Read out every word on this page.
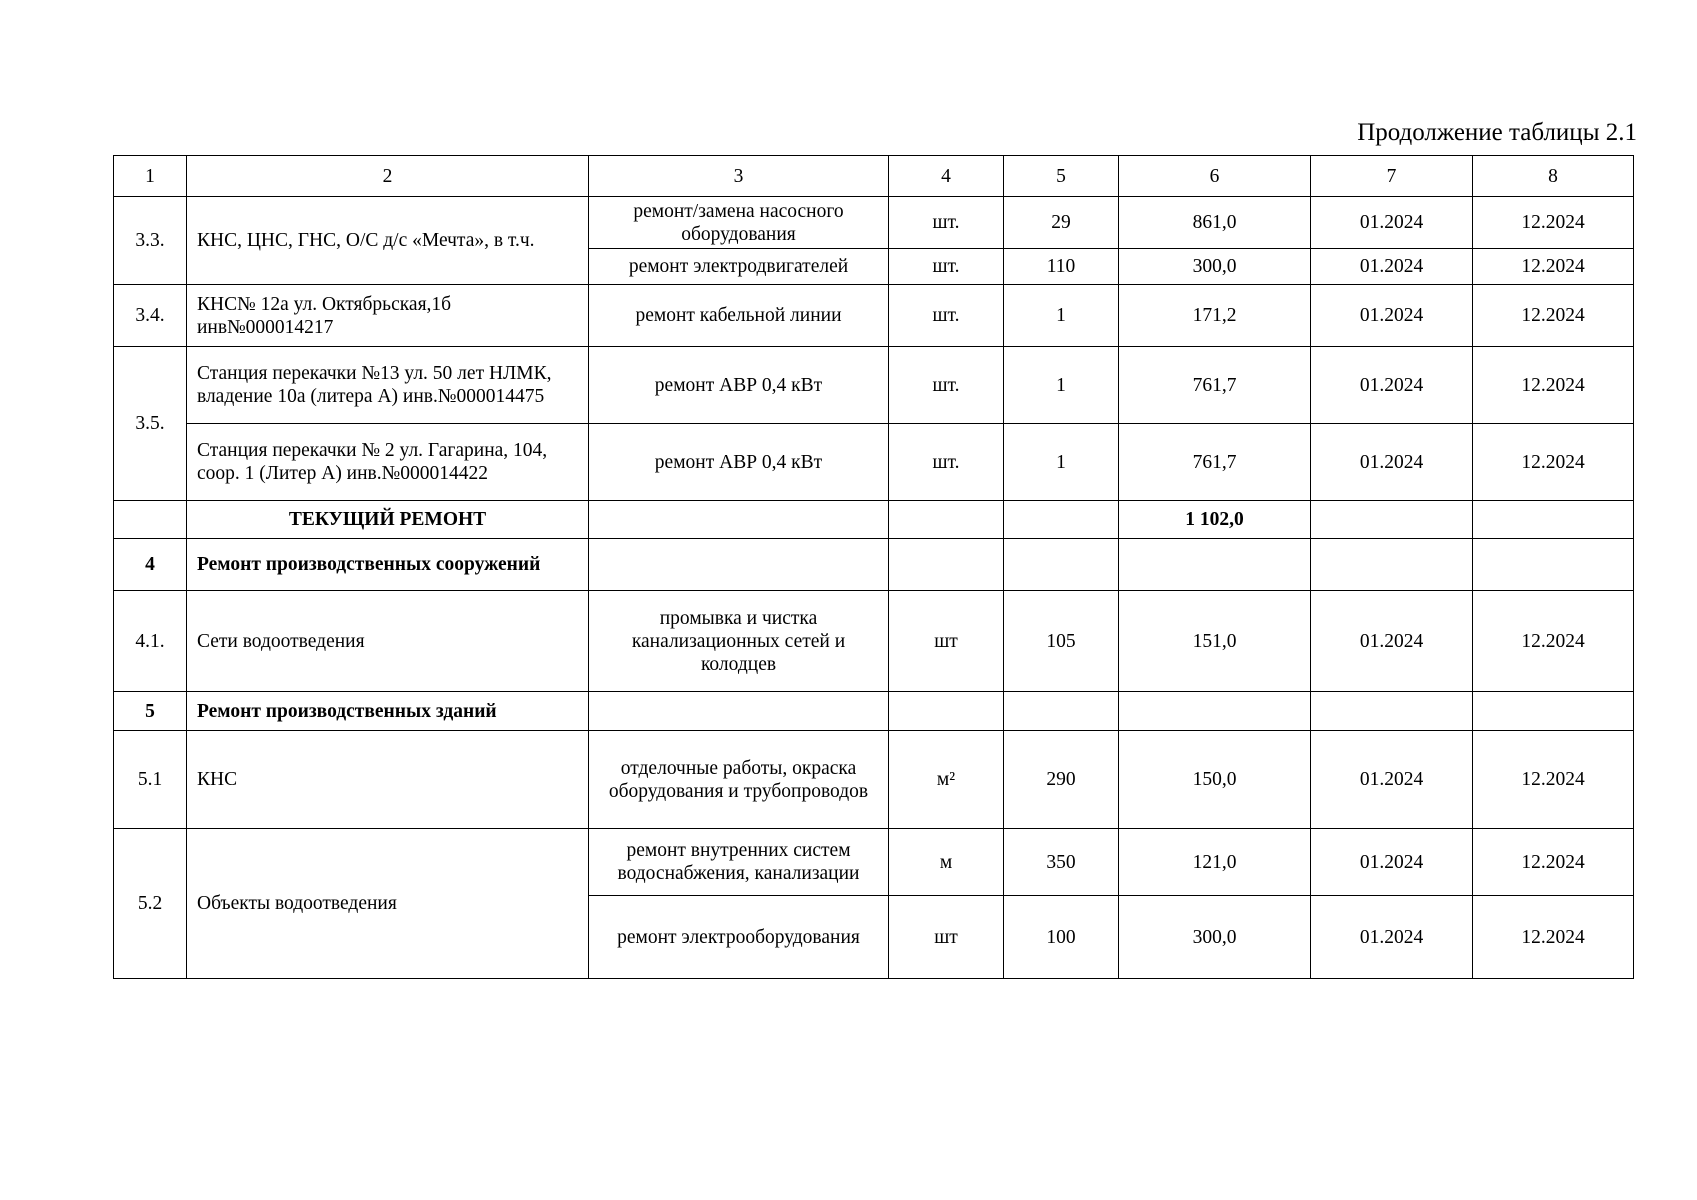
Продолжение таблицы 2.1
1	2	3	4	5	6	7	8
3.3.	КНС, ЦНС, ГНС, О/С д/с «Мечта», в т.ч.	ремонт/замена насосного оборудования	шт.	29	861,0	01.2024	12.2024
		ремонт электродвигателей	шт.	110	300,0	01.2024	12.2024
3.4.	КНС№ 12а ул. Октябрьская,1б инв№000014217	ремонт кабельной линии	шт.	1	171,2	01.2024	12.2024
3.5.	Станция перекачки №13 ул. 50 лет НЛМК, владение 10а (литера А) инв.№000014475	ремонт АВР 0,4 кВт	шт.	1	761,7	01.2024	12.2024
	Станция перекачки № 2 ул. Гагарина, 104, соор. 1 (Литер А) инв.№000014422	ремонт АВР 0,4 кВт	шт.	1	761,7	01.2024	12.2024
	ТЕКУЩИЙ РЕМОНТ				1 102,0		
4	Ремонт производственных сооружений						
4.1.	Сети водоотведения	промывка и чистка канализационных сетей и колодцев	шт	105	151,0	01.2024	12.2024
5	Ремонт производственных зданий						
5.1	КНС	отделочные работы, окраска оборудования и трубопроводов	м²	290	150,0	01.2024	12.2024
5.2	Объекты водоотведения	ремонт внутренних систем водоснабжения, канализации	м	350	121,0	01.2024	12.2024
		ремонт электрооборудования	шт	100	300,0	01.2024	12.2024
